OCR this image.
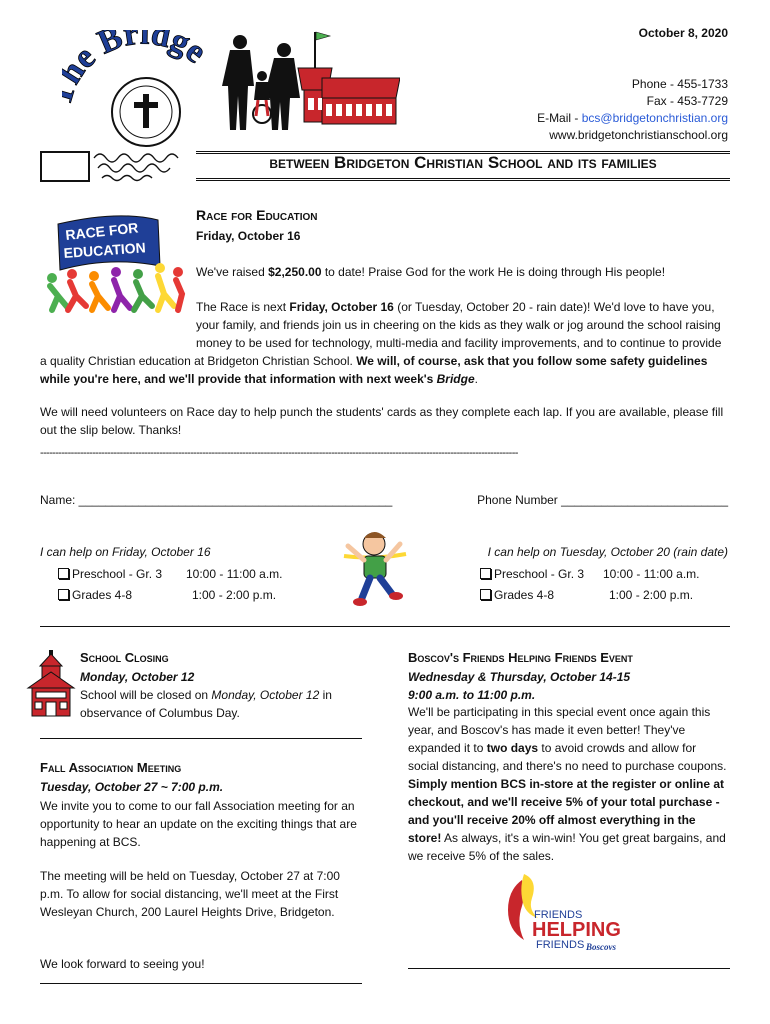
e Bridge	October 8, 2020
Phone - 455-1733
Fax - 453-7729
E-Mail - bcs@bridgetonchristian.org
www.bridgetonchristianschool.org
between Bridgeton Christian School and its families
RACE FOR
EDUCATION
Race for Education
Friday, October 16

We've raised $2,250.00 to date! Praise God for the work He is doing through His people!

The Race is next Friday, October 16 (or Tuesday, October 20 - rain date)! We'd love to have you, your family, and friends join us in cheering on the kids as they walk or jog around the school raising money to be used for technology, multi-media and facility improvements, and to continue to provide a quality Christian education at Bridgeton Christian School. We will, of course, ask that you follow some safety guidelines while you're here, and we'll provide that information with next week's Bridge.

We will need volunteers on Race day to help punch the students' cards as they complete each lap. If you are available, please fill out the slip below. Thanks!

------------------------------------------------------------------------------------------------------------------------------------------------------------
Name: _______________________________________________	Phone Number _________________________
I can help on Friday, October 16
Preschool - Gr. 3 10:00 - 11:00 a.m.
Grades 4-8	1:00 - 2:00 p.m.
I can help on Tuesday, October 20 (rain date)
Preschool - Gr. 3 10:00 - 11:00 a.m.
Grades 4-8	1:00 - 2:00 p.m.
School Closing
Monday, October 12

School will be closed on Monday, October 12 in observance of Columbus Day.

Fall Association Meeting
Tuesday, October 27 ~ 7:00 p.m.

We invite you to come to our fall Association meeting for an opportunity to hear an update on the exciting things that are happening at BCS.

The meeting will be held on Tuesday, October 27 at 7:00 p.m. To allow for social distancing, we'll meet at the First Wesleyan Church, 200 Laurel Heights Drive, Bridgeton.

We look forward to seeing you!

Boscov's Friends Helping Friends Event
Wednesday & Thursday, October 14-15
9:00 a.m. to 11:00 p.m.

We'll be participating in this special event once again this year, and Boscov's has made it even better! They've expanded it to two days to avoid crowds and allow for social distancing, and there's no need to purchase coupons. Simply mention BCS in-store at the register or online at checkout, and we'll receive 5% of your total purchase - and you'll receive 20% off almost everything in the store! As always, it's a win-win! You get great bargains, and we receive 5% of the sales.

FRIENDS
HELPING
FRIENDS Boscovs
